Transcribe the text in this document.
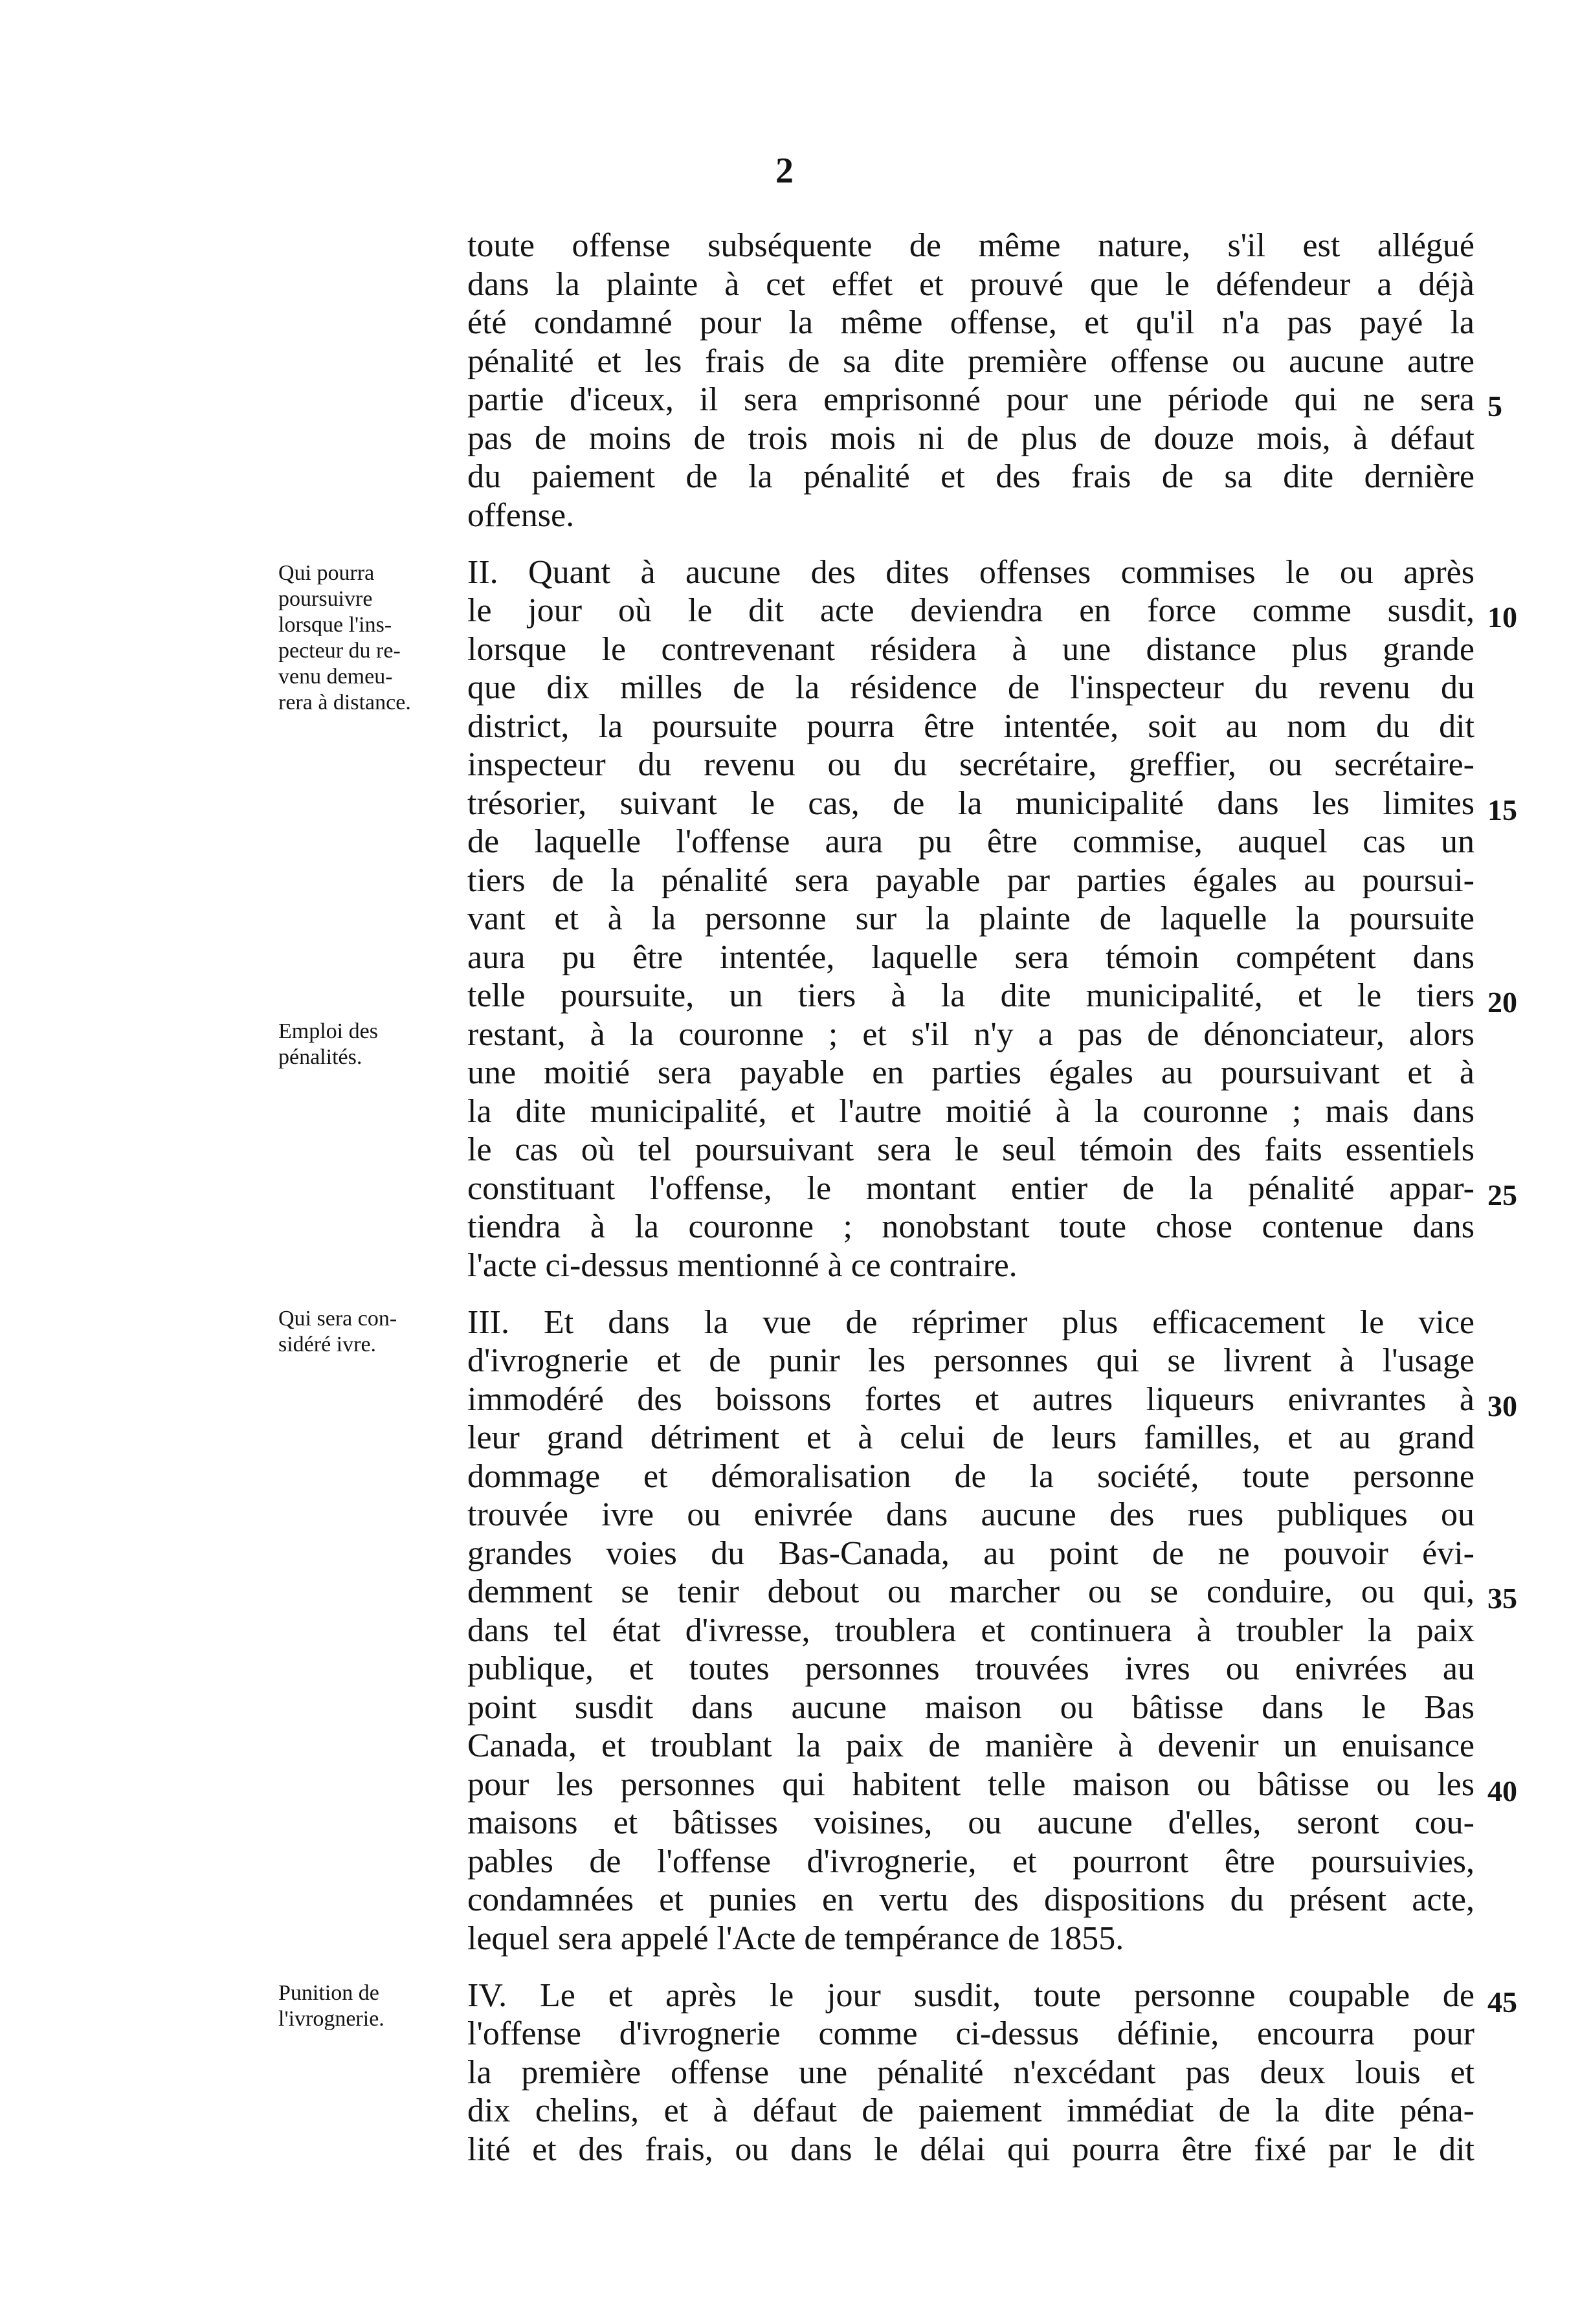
2
toute offense subséquente de même nature, s'il est allégué
dans la plainte à cet effet et prouvé que le défendeur a déjà
été condamné pour la même offense, et qu'il n'a pas payé la
pénalité et les frais de sa dite première offense ou aucune autre
partie d'iceux, il sera emprisonné pour une période qui ne sera
pas de moins de trois mois ni de plus de douze mois, à défaut
du paiement de la pénalité et des frais de sa dite dernière
offense.
II. Quant à aucune des dites offenses commises le ou après
le jour où le dit acte deviendra en force comme susdit,
lorsque le contrevenant résidera à une distance plus grande
que dix milles de la résidence de l'inspecteur du revenu du
district, la poursuite pourra être intentée, soit au nom du dit
inspecteur du revenu ou du secrétaire, greffier, ou secrétaire-
trésorier, suivant le cas, de la municipalité dans les limites
de laquelle l'offense aura pu être commise, auquel cas un
tiers de la pénalité sera payable par parties égales au poursui-
vant et à la personne sur la plainte de laquelle la poursuite
aura pu être intentée, laquelle sera témoin compétent dans
telle poursuite, un tiers à la dite municipalité, et le tiers
restant, à la couronne ; et s'il n'y a pas de dénonciateur, alors
une moitié sera payable en parties égales au poursuivant et à
la dite municipalité, et l'autre moitié à la couronne ; mais dans
le cas où tel poursuivant sera le seul témoin des faits essentiels
constituant l'offense, le montant entier de la pénalité appar-
tiendra à la couronne ; nonobstant toute chose contenue dans
l'acte ci-dessus mentionné à ce contraire.
III. Et dans la vue de réprimer plus efficacement le vice
d'ivrognerie et de punir les personnes qui se livrent à l'usage
immodéré des boissons fortes et autres liqueurs enivrantes à
leur grand détriment et à celui de leurs familles, et au grand
dommage et démoralisation de la société, toute personne
trouvée ivre ou enivrée dans aucune des rues publiques ou
grandes voies du Bas-Canada, au point de ne pouvoir évi-
demment se tenir debout ou marcher ou se conduire, ou qui,
dans tel état d'ivresse, troublera et continuera à troubler la paix
publique, et toutes personnes trouvées ivres ou enivrées au
point susdit dans aucune maison ou bâtisse dans le Bas
Canada, et troublant la paix de manière à devenir un enuisance
pour les personnes qui habitent telle maison ou bâtisse ou les
maisons et bâtisses voisines, ou aucune d'elles, seront cou-
pables de l'offense d'ivrognerie, et pourront être poursuivies,
condamnées et punies en vertu des dispositions du présent acte,
lequel sera appelé l'Acte de tempérance de 1855.
IV. Le et après le jour susdit, toute personne coupable de
l'offense d'ivrognerie comme ci-dessus définie, encourra pour
la première offense une pénalité n'excédant pas deux louis et
dix chelins, et à défaut de paiement immédiat de la dite péna-
lité et des frais, ou dans le délai qui pourra être fixé par le dit
5
10
15
20
25
30
35
40
45
Qui pourra
poursuivre
lorsque l'ins-
pecteur du re-
venu demeu-
rera à distance.
Emploi des
pénalités.
Qui sera con-
sidéré ivre.
Punition de
l'ivrognerie.
